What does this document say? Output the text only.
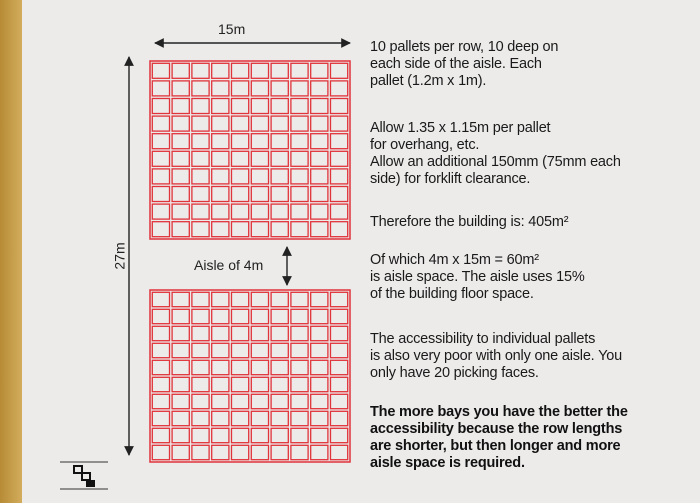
15m
27m	Aisle of 4m
10 pallets per row, 10 deep on
each side of the aisle. Each
pallet (1.2m x 1m).
Allow 1.35 x 1.15m per pallet
for overhang, etc.
Allow an additional 150mm (75mm each
side) for forklift clearance.
Therefore the building is: 405m²
Of which 4m x 15m = 60m²
is aisle space. The aisle uses 15%
of the building floor space.
The accessibility to individual pallets
is also very poor with only one aisle. You
only have 20 picking faces.
The more bays you have the better the
accessibility because the row lengths
are shorter, but then longer and more
aisle space is required.
